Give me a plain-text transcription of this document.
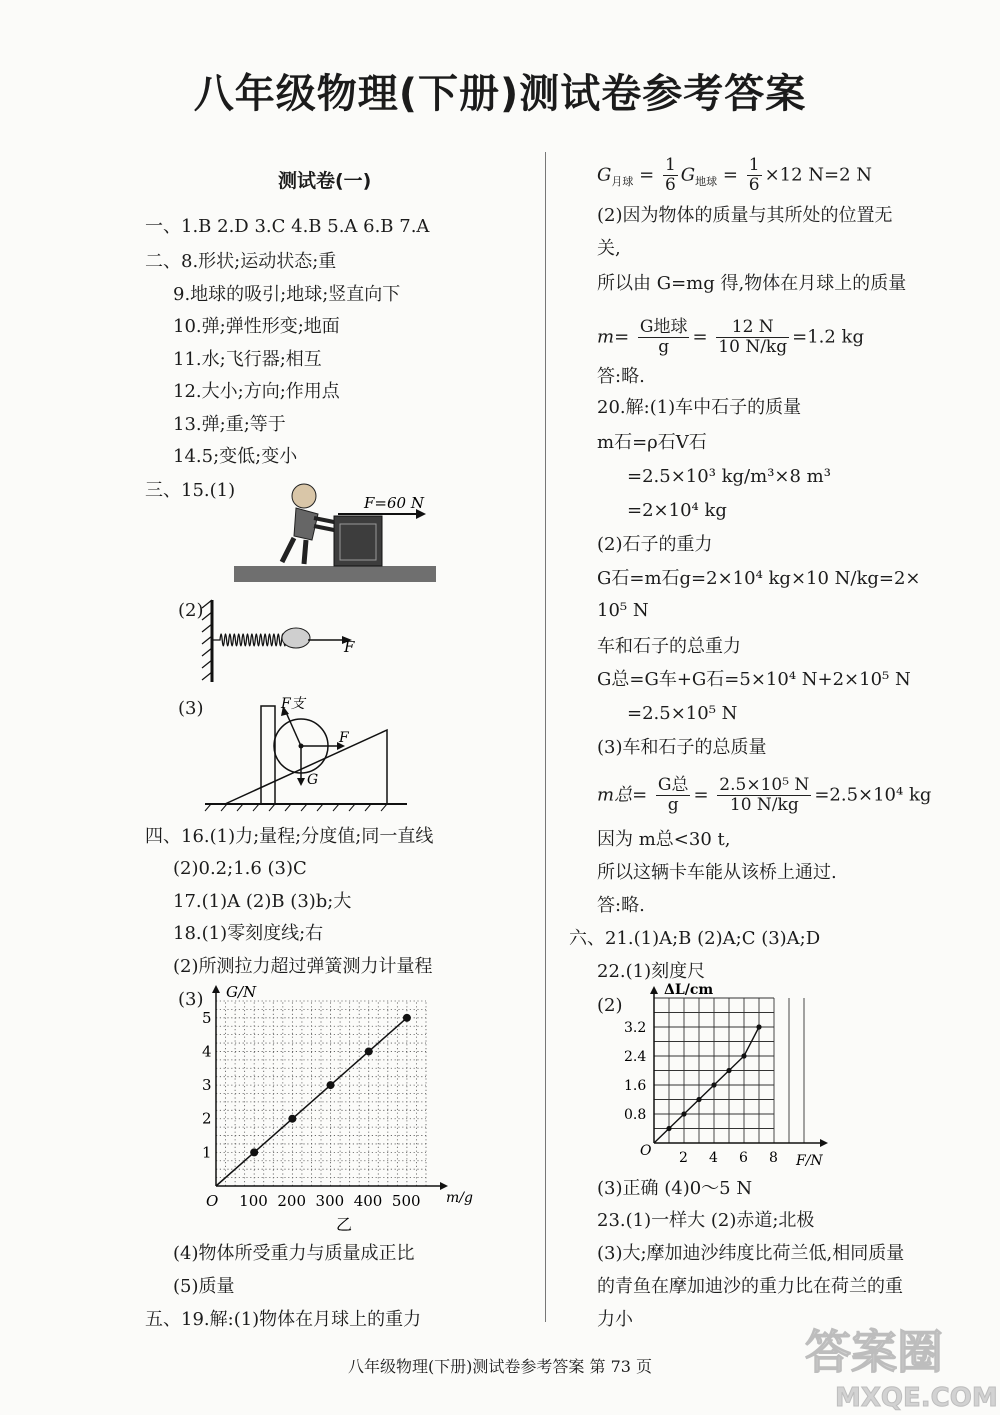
八年级物理(下册)测试卷参考答案
测试卷(一)
一、1.B 2.D 3.C 4.B 5.A 6.B 7.A
二、8.形状;运动状态;重
9.地球的吸引;地球;竖直向下
10.弹;弹性形变;地面
11.水;飞行器;相互
12.大小;方向;作用点
13.弹;重;等于
14.5;变低;变小
三、15.(1)
F=60 N
(2)
F
(3)	F支
F
G
四、16.(1)力;量程;分度值;同一直线
(2)0.2;1.6 (3)C
17.(1)A (2)B (3)b;大
18.(1)零刻度线;右
(2)所测拉力超过弹簧测力计量程
(3)
100 200 300 400 500
1
2
3
4
5
O	m/g
G/N
乙
(4)物体所受重力与质量成正比
(5)质量
五、19.解:(1)物体在月球上的重力
$G_{月球} = \frac{1}{6} G_{地球} = \frac{1}{6} \times 12$ N=2 N
(2)因为物体的质量与其所处的位置无
关,
所以由 G=mg 得,物体在月球上的质量
$m= \frac{\text{G地球}}{g} = \frac{12 N}{10 N/kg} =1.2$ kg
答:略.
20.解:(1)车中石子的质量
m石=ρ石V石
=2.5×10³ kg/m³×8 m³
=2×10⁴ kg
(2)石子的重力
G石=m石g=2×10⁴ kg×10 N/kg=2×
10⁵ N
车和石子的总重力
G总=G车+G石=5×10⁴ N+2×10⁵ N
=2.5×10⁵ N
(3)车和石子的总质量
m总= $\frac{\text{G总}}{g} = \frac{\text{2.5×10⁵ N}}{10 N/kg} =2.5\times 10^4$ kg
因为 m总<30 t,
所以这辆卡车能从该桥上通过.
答:略.
六、21.(1)A;B (2)A;C (3)A;D
22.(1)刻度尺
(2)
2 4 6 8
0.8
1.6
2.4
3.2
O
F/N
ΔL/cm
(3)正确 (4)0～5 N
23.(1)一样大 (2)赤道;北极
(3)大;摩加迪沙纬度比荷兰低,相同质量
的青鱼在摩加迪沙的重力比在荷兰的重
力小
八年级物理(下册)测试卷参考答案 第 73 页	答案圈
MXQE.COM
